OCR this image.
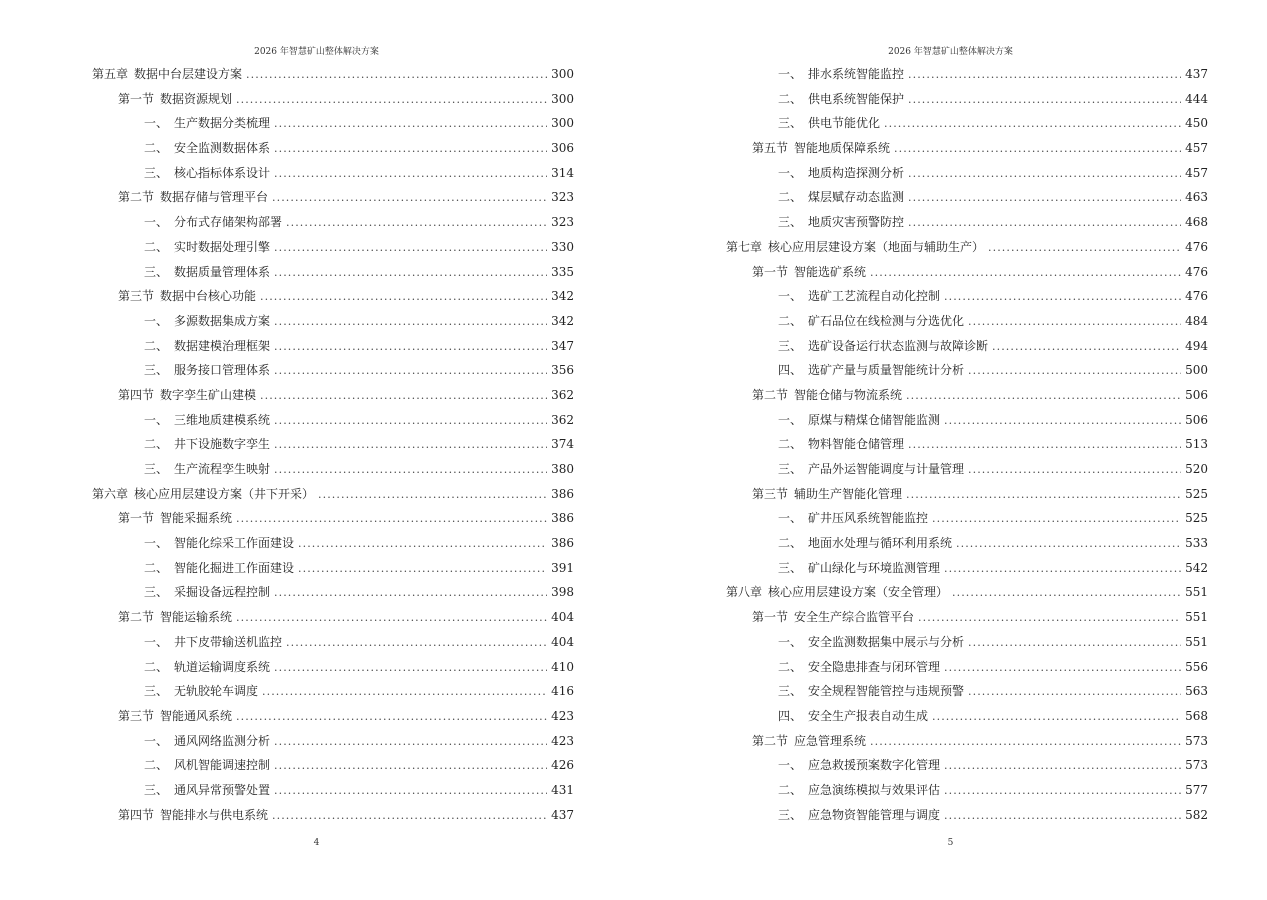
2026 年智慧矿山整体解决方案
第五章 数据中台层建设方案 . . .	300
第一节 数据资源规划 . . .	300
一、 生产数据分类梳理 . . .	300
二、 安全监测数据体系 . . .	306
三、 核心指标体系设计 . . .	314
第二节 数据存储与管理平台 . . .	323
一、 分布式存储架构部署 . . .	323
二、 实时数据处理引擎 . . .	330
三、 数据质量管理体系 . . .	335
第三节 数据中台核心功能 . . .	342
一、 多源数据集成方案 . . .	342
二、 数据建模治理框架 . . .	347
三、 服务接口管理体系 . . .	356
第四节 数字孪生矿山建模 . . .	362
一、 三维地质建模系统 . . .	362
二、 井下设施数字孪生 . . .	374
三、 生产流程孪生映射 . . .	380
第六章 核心应用层建设方案（井下开采） . . .	386
第一节 智能采掘系统 . . .	386
一、 智能化综采工作面建设 . . .	386
二、 智能化掘进工作面建设 . . .	391
三、 采掘设备远程控制 . . .	398
第二节 智能运输系统 . . .	404
一、 井下皮带输送机监控 . . .	404
二、 轨道运输调度系统 . . .	410
三、 无轨胶轮车调度 . . .	416
第三节 智能通风系统 . . .	423
一、 通风网络监测分析 . . .	423
二、 风机智能调速控制 . . .	426
三、 通风异常预警处置 . . .	431
第四节 智能排水与供电系统 . . .	437
4
2026 年智慧矿山整体解决方案
一、 排水系统智能监控 . . .	437
二、 供电系统智能保护 . . .	444
三、 供电节能优化 . . .	450
第五节 智能地质保障系统 . . .	457
一、 地质构造探测分析 . . .	457
二、 煤层赋存动态监测 . . .	463
三、 地质灾害预警防控 . . .	468
第七章 核心应用层建设方案（地面与辅助生产） . . .	476
第一节 智能选矿系统 . . .	476
一、 选矿工艺流程自动化控制 . . .	476
二、 矿石品位在线检测与分选优化 . . .	484
三、 选矿设备运行状态监测与故障诊断 . . .	494
四、 选矿产量与质量智能统计分析 . . .	500
第二节 智能仓储与物流系统 . . .	506
一、 原煤与精煤仓储智能监测 . . .	506
二、 物料智能仓储管理 . . .	513
三、 产品外运智能调度与计量管理 . . .	520
第三节 辅助生产智能化管理 . . .	525
一、 矿井压风系统智能监控 . . .	525
二、 地面水处理与循环利用系统 . . .	533
三、 矿山绿化与环境监测管理 . . .	542
第八章 核心应用层建设方案（安全管理） . . .	551
第一节 安全生产综合监管平台 . . .	551
一、 安全监测数据集中展示与分析 . . .	551
二、 安全隐患排查与闭环管理 . . .	556
三、 安全规程智能管控与违规预警 . . .	563
四、 安全生产报表自动生成 . . .	568
第二节 应急管理系统 . . .	573
一、 应急救援预案数字化管理 . . .	573
二、 应急演练模拟与效果评估 . . .	577
三、 应急物资智能管理与调度 . . .	582
5
